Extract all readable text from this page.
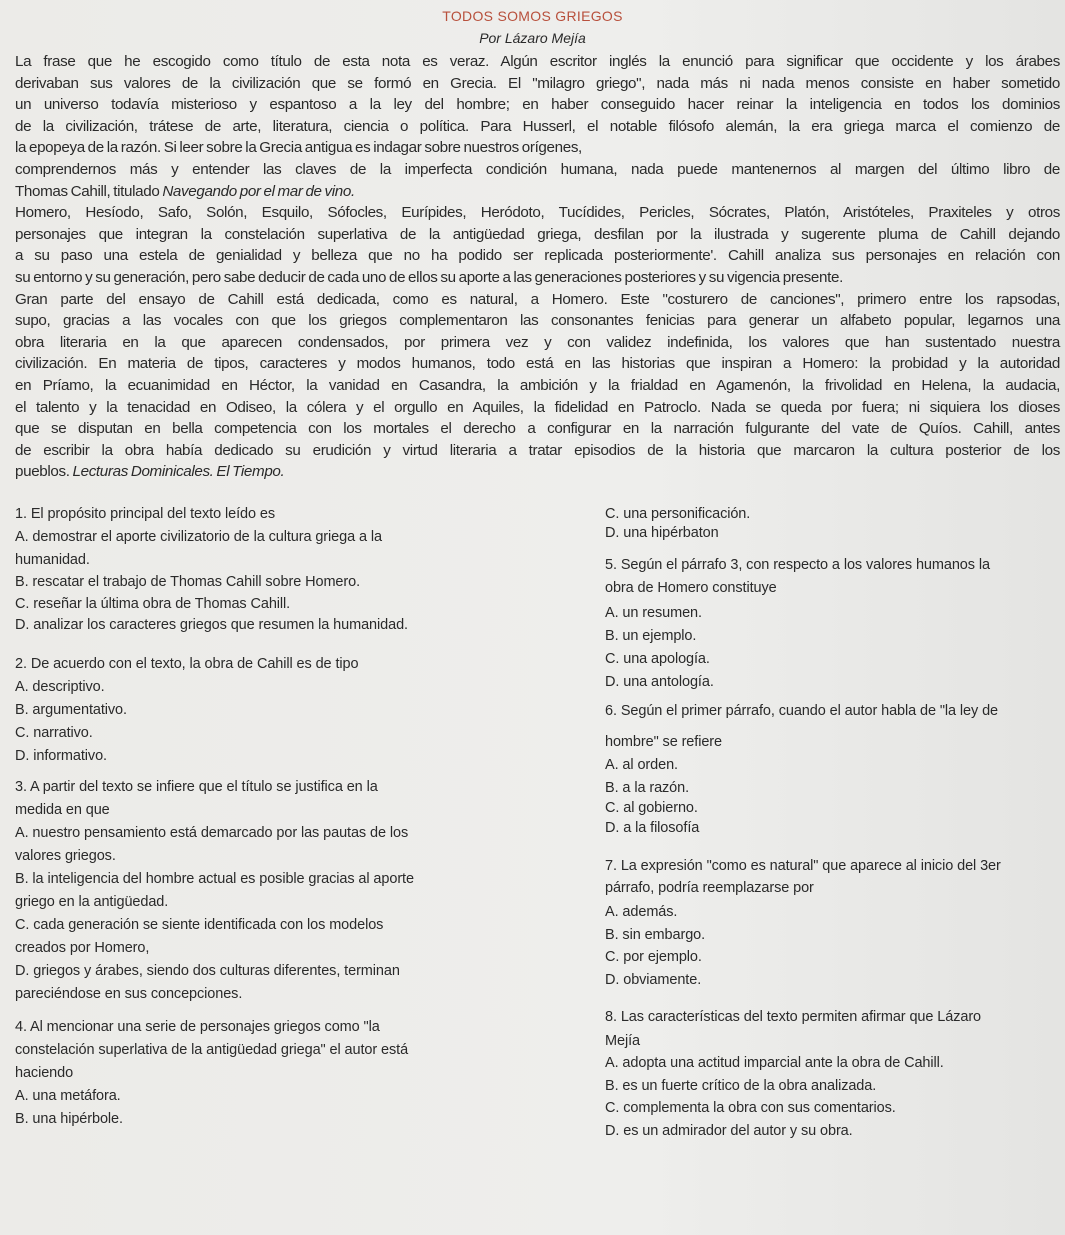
TODOS SOMOS GRIEGOS
Por Lázaro Mejía
La frase que he escogido como título de esta nota es veraz. Algún escritor inglés la enunció para significar que occidente y los árabes
derivaban sus valores de la civilización que se formó en Grecia. El "milagro griego", nada más ni nada menos consiste en haber sometido
un universo todavía misterioso y espantoso a la ley del hombre; en haber conseguido hacer reinar la inteligencia en todos los dominios
de la civilización, trátese de arte, literatura, ciencia o política. Para Husserl, el notable filósofo alemán, la era griega marca el comienzo de
la epopeya de la razón. Si leer sobre la Grecia antigua es indagar sobre nuestros orígenes,
comprendernos más y entender las claves de la imperfecta condición humana, nada puede mantenernos al margen del último libro de
Thomas Cahill, titulado Navegando por el mar de vino.
Homero, Hesíodo, Safo, Solón, Esquilo, Sófocles, Eurípides, Heródoto, Tucídides, Pericles, Sócrates, Platón, Aristóteles, Praxiteles y otros
personajes que integran la constelación superlativa de la antigüedad griega, desfilan por la ilustrada y sugerente pluma de Cahill dejando
a su paso una estela de genialidad y belleza que no ha podido ser replicada posteriormente'. Cahill analiza sus personajes en relación con
su entorno y su generación, pero sabe deducir de cada uno de ellos su aporte a las generaciones posteriores y su vigencia presente.
Gran parte del ensayo de Cahill está dedicada, como es natural, a Homero. Este "costurero de canciones", primero entre los rapsodas,
supo, gracias a las vocales con que los griegos complementaron las consonantes fenicias para generar un alfabeto popular, legarnos una
obra literaria en la que aparecen condensados, por primera vez y con validez indefinida, los valores que han sustentado nuestra
civilización. En materia de tipos, caracteres y modos humanos, todo está en las historias que inspiran a Homero: la probidad y la autoridad
en Príamo, la ecuanimidad en Héctor, la vanidad en Casandra, la ambición y la frialdad en Agamenón, la frivolidad en Helena, la audacia,
el talento y la tenacidad en Odiseo, la cólera y el orgullo en Aquiles, la fidelidad en Patroclo. Nada se queda por fuera; ni siquiera los dioses
que se disputan en bella competencia con los mortales el derecho a configurar en la narración fulgurante del vate de Quíos. Cahill, antes
de escribir la obra había dedicado su erudición y virtud literaria a tratar episodios de la historia que marcaron la cultura posterior de los
pueblos. Lecturas Dominicales. El Tiempo.
1. El propósito principal del texto leído es
A. demostrar el aporte civilizatorio de la cultura griega a la
humanidad.
B. rescatar el trabajo de Thomas Cahill sobre Homero.
C. reseñar la última obra de Thomas Cahill.
D. analizar los caracteres griegos que resumen la humanidad.
2. De acuerdo con el texto, la obra de Cahill es de tipo
A. descriptivo.
B. argumentativo.
C. narrativo.
D. informativo.
3. A partir del texto se infiere que el título se justifica en la
medida en que
A. nuestro pensamiento está demarcado por las pautas de los
valores griegos.
B. la inteligencia del hombre actual es posible gracias al aporte
griego en la antigüedad.
C. cada generación se siente identificada con los modelos
creados por Homero,
D. griegos y árabes, siendo dos culturas diferentes, terminan
pareciéndose en sus concepciones.
4. Al mencionar una serie de personajes griegos como "la
constelación superlativa de la antigüedad griega" el autor está
haciendo
A. una metáfora.
B. una hipérbole.
C. una personificación.
D. una hipérbaton
5. Según el párrafo 3, con respecto a los valores humanos la
obra de Homero constituye
A. un resumen.
B. un ejemplo.
C. una apología.
D. una antología.
6. Según el primer párrafo, cuando el autor habla de "la ley de
hombre" se refiere
A. al orden.
B. a la razón.
C. al gobierno.
D. a la filosofía
7. La expresión "como es natural" que aparece al inicio del 3er
párrafo, podría reemplazarse por
A. además.
B. sin embargo.
C. por ejemplo.
D. obviamente.
8. Las características del texto permiten afirmar que Lázaro
Mejía
A. adopta una actitud imparcial ante la obra de Cahill.
B. es un fuerte crítico de la obra analizada.
C. complementa la obra con sus comentarios.
D. es un admirador del autor y su obra.
